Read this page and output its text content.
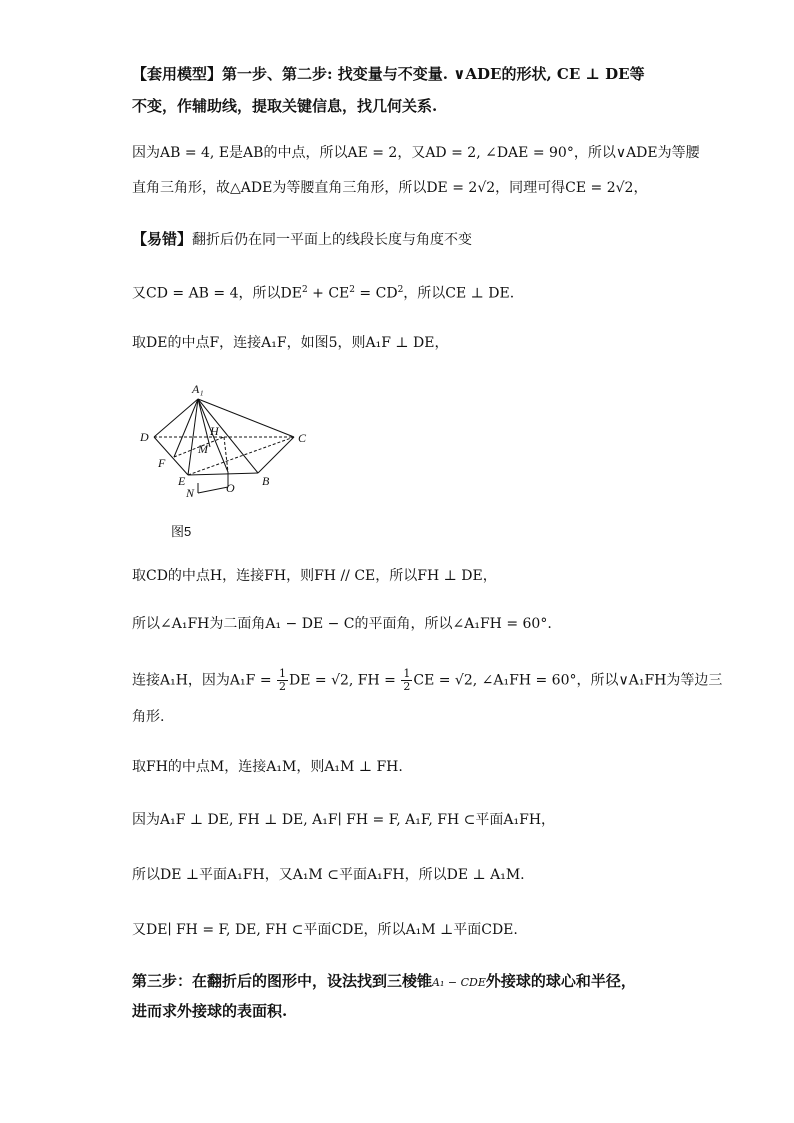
【套用模型】第一步、第二步: 找变量与不变量. ∨ADE的形状, CE ⊥ DE等
不变，作辅助线，提取关键信息，找几何关系.
因为AB = 4, E是AB的中点，所以AE = 2，又AD = 2, ∠DAE = 90°，所以∨ADE为等腰
直角三角形，故△ADE为等腰直角三角形，所以DE = 2√2，同理可得CE = 2√2，
【易错】翻折后仍在同一平面上的线段长度与角度不变
又CD = AB = 4，所以$DE^2 + CE^2 = CD^2$，所以CE ⊥ DE.
取DE的中点F，连接A₁F，如图5，则A₁F ⊥ DE，
A₁
D	C
F
E
N	O B
H
M
图5
取CD的中点H，连接FH，则FH // CE，所以FH ⊥ DE，
所以∠A₁FH为二面角A₁ − DE − C的平面角，所以∠A₁FH = 60°.
连接A₁H，因为$A_1F = \frac{1}{2}$ DE = √2, FH = $\frac{1}{2}$ CE = √2, ∠A₁FH = 60°，所以∨A₁FH为等边三
角形.
取FH的中点M，连接A₁M，则A₁M ⊥ FH.
因为A₁F ⊥ DE, FH ⊥ DE, A₁F∣ FH = F, A₁F, FH ⊂平面A₁FH，
所以DE ⊥平面A₁FH，又A₁M ⊂平面A₁FH，所以DE ⊥ A₁M.
又DE∣ FH = F, DE, FH ⊂平面CDE，所以A₁M ⊥平面CDE.
第三步：在翻折后的图形中，设法找到三棱锥A₁ − CDE外接球的球心和半径，
进而求外接球的表面积.
